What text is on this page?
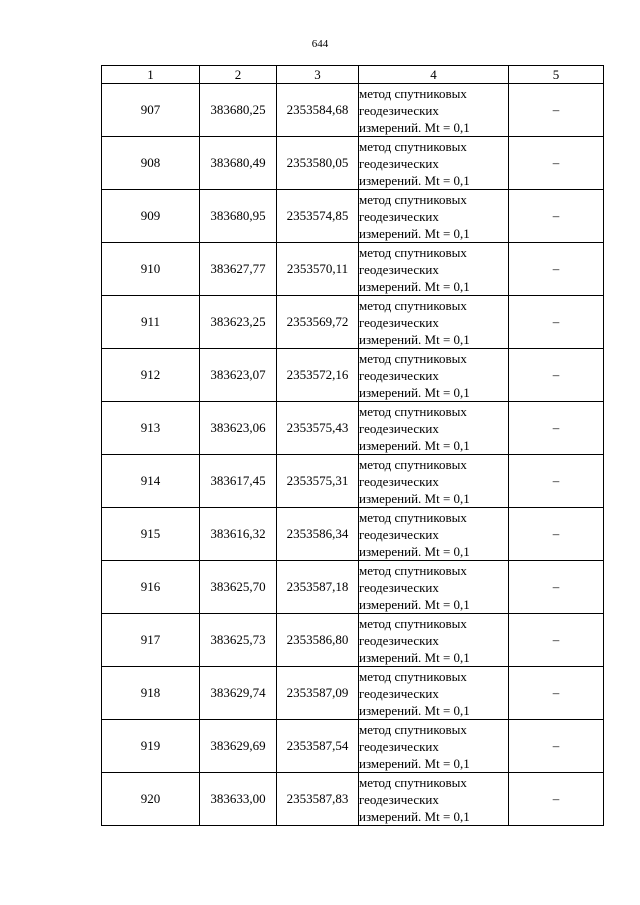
644
1	2	3	4	5
907	383680,25	2353584,68	метод спутниковых
геодезических
измерений. Mt = 0,1	–
908	383680,49	2353580,05	метод спутниковых
геодезических
измерений. Mt = 0,1	–
909	383680,95	2353574,85	метод спутниковых
геодезических
измерений. Mt = 0,1	–
910	383627,77	2353570,11	метод спутниковых
геодезических
измерений. Mt = 0,1	–
911	383623,25	2353569,72	метод спутниковых
геодезических
измерений. Mt = 0,1	–
912	383623,07	2353572,16	метод спутниковых
геодезических
измерений. Mt = 0,1	–
913	383623,06	2353575,43	метод спутниковых
геодезических
измерений. Mt = 0,1	–
914	383617,45	2353575,31	метод спутниковых
геодезических
измерений. Mt = 0,1	–
915	383616,32	2353586,34	метод спутниковых
геодезических
измерений. Mt = 0,1	–
916	383625,70	2353587,18	метод спутниковых
геодезических
измерений. Mt = 0,1	–
917	383625,73	2353586,80	метод спутниковых
геодезических
измерений. Mt = 0,1	–
918	383629,74	2353587,09	метод спутниковых
геодезических
измерений. Mt = 0,1	–
919	383629,69	2353587,54	метод спутниковых
геодезических
измерений. Mt = 0,1	–
920	383633,00	2353587,83	метод спутниковых
геодезических
измерений. Mt = 0,1	–
